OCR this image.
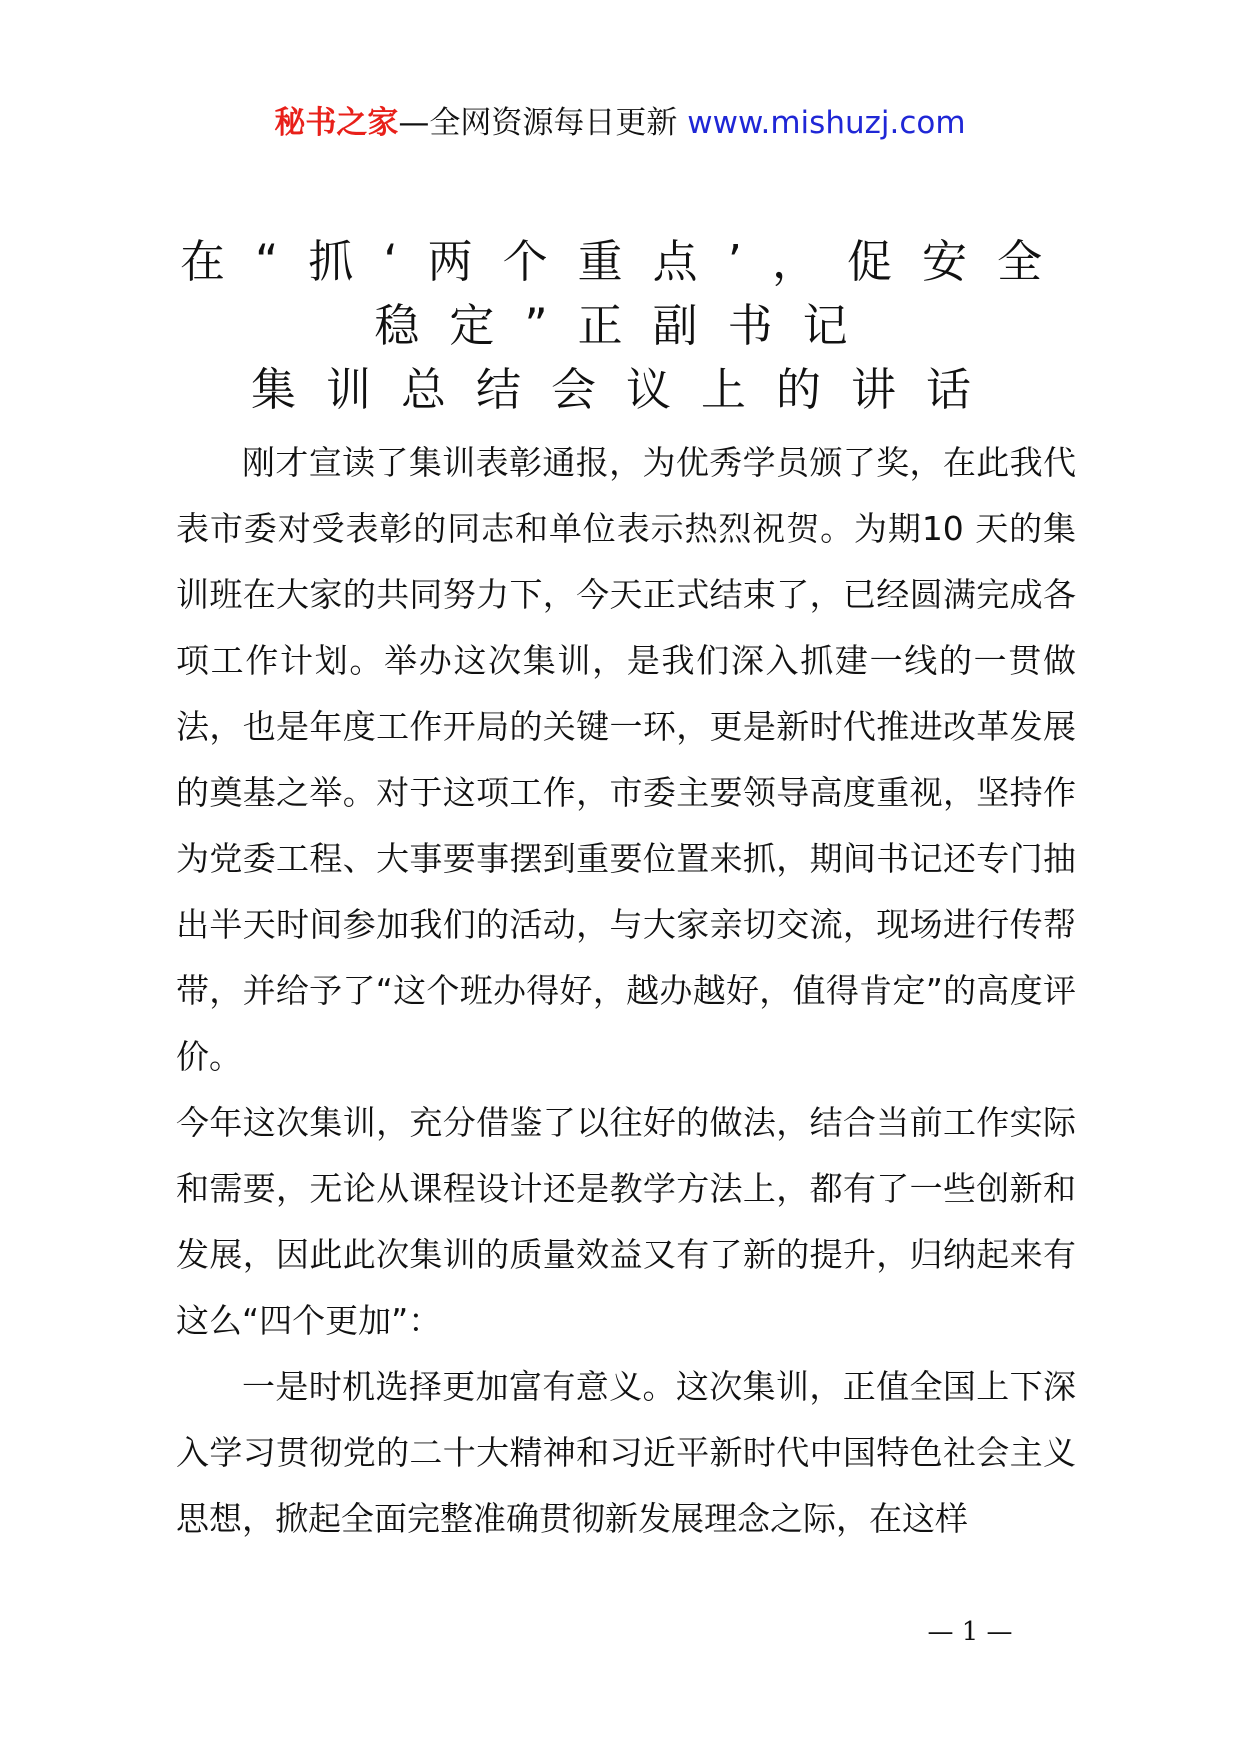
秘书之家—全网资源每日更新 www.mishuzj.com
在“抓‘两个重点’，促安全
稳定”正副书记
集训总结会议上的讲话

刚才宣读了集训表彰通报，为优秀学员颁了奖，在此我代表市委对受表彰的同志和单位表示热烈祝贺。为期10 天的集训班在大家的共同努力下，今天正式结束了，已经圆满完成各项工作计划。举办这次集训，是我们深入抓建一线的一贯做法，也是年度工作开局的关键一环，更是新时代推进改革发展的奠基之举。对于这项工作，市委主要领导高度重视，坚持作为党委工程、大事要事摆到重要位置来抓，期间书记还专门抽出半天时间参加我们的活动，与大家亲切交流，现场进行传帮带，并给予了“这个班办得好，越办越好，值得肯定”的高度评价。

今年这次集训，充分借鉴了以往好的做法，结合当前工作实际和需要，无论从课程设计还是教学方法上，都有了一些创新和发展，因此此次集训的质量效益又有了新的提升，归纳起来有这么“四个更加”：

一是时机选择更加富有意义。这次集训，正值全国上下深入学习贯彻党的二十大精神和习近平新时代中国特色社会主义思想，掀起全面完整准确贯彻新发展理念之际，在这样

— 1 —
